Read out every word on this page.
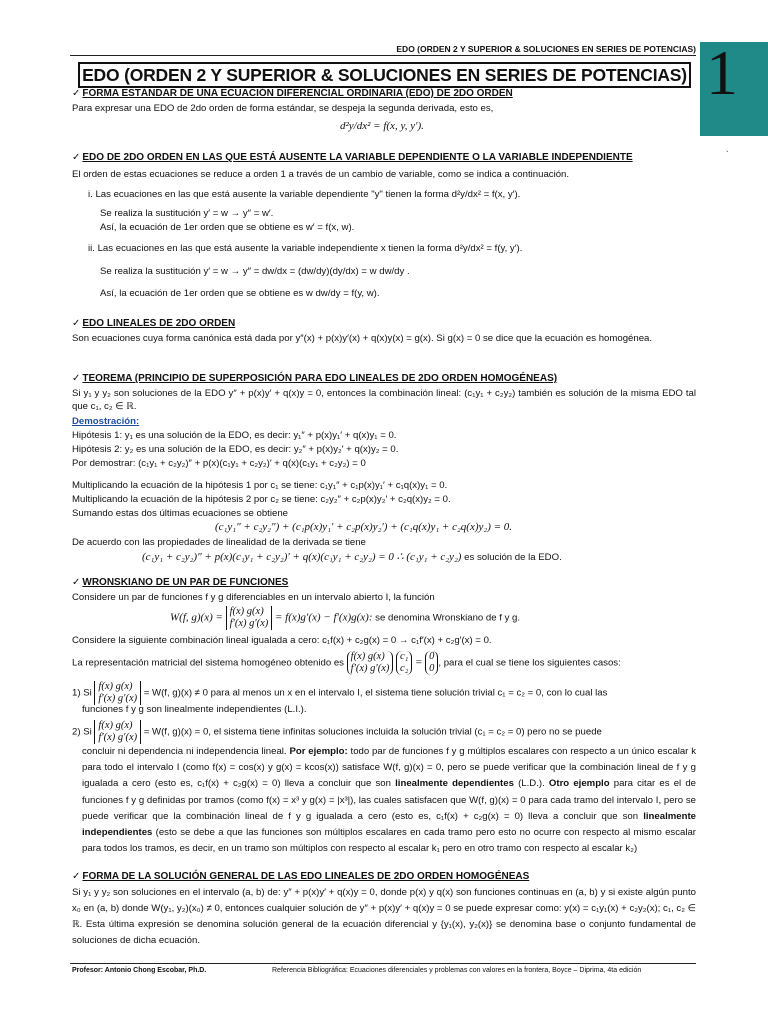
EDO (ORDEN 2 Y SUPERIOR & SOLUCIONES EN SERIES DE POTENCIAS) 1
`
EDO (ORDEN 2 Y SUPERIOR & SOLUCIONES EN SERIES DE POTENCIAS)
✓ FORMA ESTÁNDAR DE UNA ECUACIÓN DIFERENCIAL ORDINARIA (EDO) DE 2DO ORDEN
Para expresar una EDO de 2do orden de forma estándar, se despeja la segunda derivada, esto es,
d²y/dx² = f(x, y, y′).
✓ EDO DE 2DO ORDEN EN LAS QUE ESTÁ AUSENTE LA VARIABLE DEPENDIENTE O LA VARIABLE INDEPENDIENTE
El orden de estas ecuaciones se reduce a orden 1 a través de un cambio de variable, como se indica a continuación.
i. Las ecuaciones en las que está ausente la variable dependiente "y" tienen la forma d²y/dx² = f(x, y′).
Se realiza la sustitución y′ = w → y″ = w′.
Así, la ecuación de 1er orden que se obtiene es w′ = f(x, w).
ii. Las ecuaciones en las que está ausente la variable independiente x tienen la forma d²y/dx² = f(y, y′).
Se realiza la sustitución y′ = w → y″ = dw/dx = (dw/dy)(dy/dx) = w dw/dy .
Así, la ecuación de 1er orden que se obtiene es w dw/dy = f(y, w).
✓ EDO LINEALES DE 2DO ORDEN
Son ecuaciones cuya forma canónica está dada por y″(x) + p(x)y′(x) + q(x)y(x) = g(x). Si g(x) = 0 se dice que la ecuación es homogénea.
✓ TEOREMA (PRINCIPIO DE SUPERPOSICIÓN PARA EDO LINEALES DE 2DO ORDEN HOMOGÉNEAS)
Si y₁ y y₂ son soluciones de la EDO y″ + p(x)y′ + q(x)y = 0, entonces la combinación lineal: (c₁y₁ + c₂y₂) también es solución de la misma EDO tal que c₁, c₂ ∈ ℝ.
Demostración:
Hipótesis 1: y₁ es una solución de la EDO, es decir: y₁″ + p(x)y₁′ + q(x)y₁ = 0.
Hipótesis 2: y₂ es una solución de la EDO, es decir: y₂″ + p(x)y₂′ + q(x)y₂ = 0.
Por demostrar: (c₁y₁ + c₂y₂)″ + p(x)(c₁y₁ + c₂y₂)′ + q(x)(c₁y₁ + c₂y₂) = 0
Multiplicando la ecuación de la hipótesis 1 por c₁ se tiene: c₁y₁″ + c₁p(x)y₁′ + c₁q(x)y₁ = 0.
Multiplicando la ecuación de la hipótesis 2 por c₂ se tiene: c₂y₂″ + c₂p(x)y₂′ + c₂q(x)y₂ = 0.
Sumando estas dos últimas ecuaciones se obtiene
(c₁y₁″ + c₂y₂″) + (c₁p(x)y₁′ + c₂p(x)y₂′) + (c₁q(x)y₁ + c₂q(x)y₂) = 0.
De acuerdo con las propiedades de linealidad de la derivada se tiene
(c₁y₁ + c₂y₂)″ + p(x)(c₁y₁ + c₂y₂)′ + q(x)(c₁y₁ + c₂y₂) = 0 ∴ (c₁y₁ + c₂y₂) es solución de la EDO.
✓ WRONSKIANO DE UN PAR DE FUNCIONES
Considere un par de funciones f y g diferenciables en un intervalo abierto I, la función
W(f, g)(x) = f(x) g(x)
f′(x) g′(x) = f(x)g′(x) − f′(x)g(x): se denomina Wronskiano de f y g.
Considere la siguiente combinación lineal igualada a cero: c₁f(x) + c₂g(x) = 0 → c₁f′(x) + c₂g′(x) = 0.
La representación matricial del sistema homogéneo obtenido es f(x) g(x)
f′(x) g′(x) c₁
c₂ = 0
0 , para el cual se tiene los siguientes casos:
1) Si f(x) g(x)
f′(x) g′(x) = W(f, g)(x) ≠ 0 para al menos un x en el intervalo I, el sistema tiene solución trivial c₁ = c₂ = 0, con lo cual las
funciones f y g son linealmente independientes (L.I.).
2) Si f(x) g(x)
f′(x) g′(x) = W(f, g)(x) = 0, el sistema tiene infinitas soluciones incluida la solución trivial (c₁ = c₂ = 0) pero no se puede
concluir ni dependencia ni independencia lineal. Por ejemplo: todo par de funciones f y g múltiplos escalares con respecto a un único escalar k para todo el intervalo I (como f(x) = cos(x) y g(x) = kcos(x)) satisface W(f, g)(x) = 0, pero se puede verificar que la combinación lineal de f y g igualada a cero (esto es, c₁f(x) + c₂g(x) = 0) lleva a concluir que son linealmente dependientes (L.D.). Otro ejemplo para citar es el de funciones f y g definidas por tramos (como f(x) = x³ y g(x) = |x³|), las cuales satisfacen que W(f, g)(x) = 0 para cada tramo del intervalo I, pero se puede verificar que la combinación lineal de f y g igualada a cero (esto es, c₁f(x) + c₂g(x) = 0) lleva a concluir que son linealmente independientes (esto se debe a que las funciones son múltiplos escalares en cada tramo pero esto no ocurre con respecto al mismo escalar para todos los tramos, es decir, en un tramo son múltiplos con respecto al escalar k₁ pero en otro tramo con respecto al escalar k₂)
✓ FORMA DE LA SOLUCIÓN GENERAL DE LAS EDO LINEALES DE 2DO ORDEN HOMOGÉNEAS
Si y₁ y y₂ son soluciones en el intervalo (a, b) de: y″ + p(x)y′ + q(x)y = 0, donde p(x) y q(x) son funciones continuas en (a, b) y si existe algún punto x₀ en (a, b) donde W(y₁, y₂)(x₀) ≠ 0, entonces cualquier solución de y″ + p(x)y′ + q(x)y = 0 se puede expresar como: y(x) = c₁y₁(x) + c₂y₂(x); c₁, c₂ ∈ ℝ. Esta última expresión se denomina solución general de la ecuación diferencial y {y₁(x), y₂(x)} se denomina base o conjunto fundamental de soluciones de dicha ecuación.
Profesor: Antonio Chong Escobar, Ph.D.	Referencia Bibliográfica: Ecuaciones diferenciales y problemas con valores en la frontera, Boyce – Diprima, 4ta edición
